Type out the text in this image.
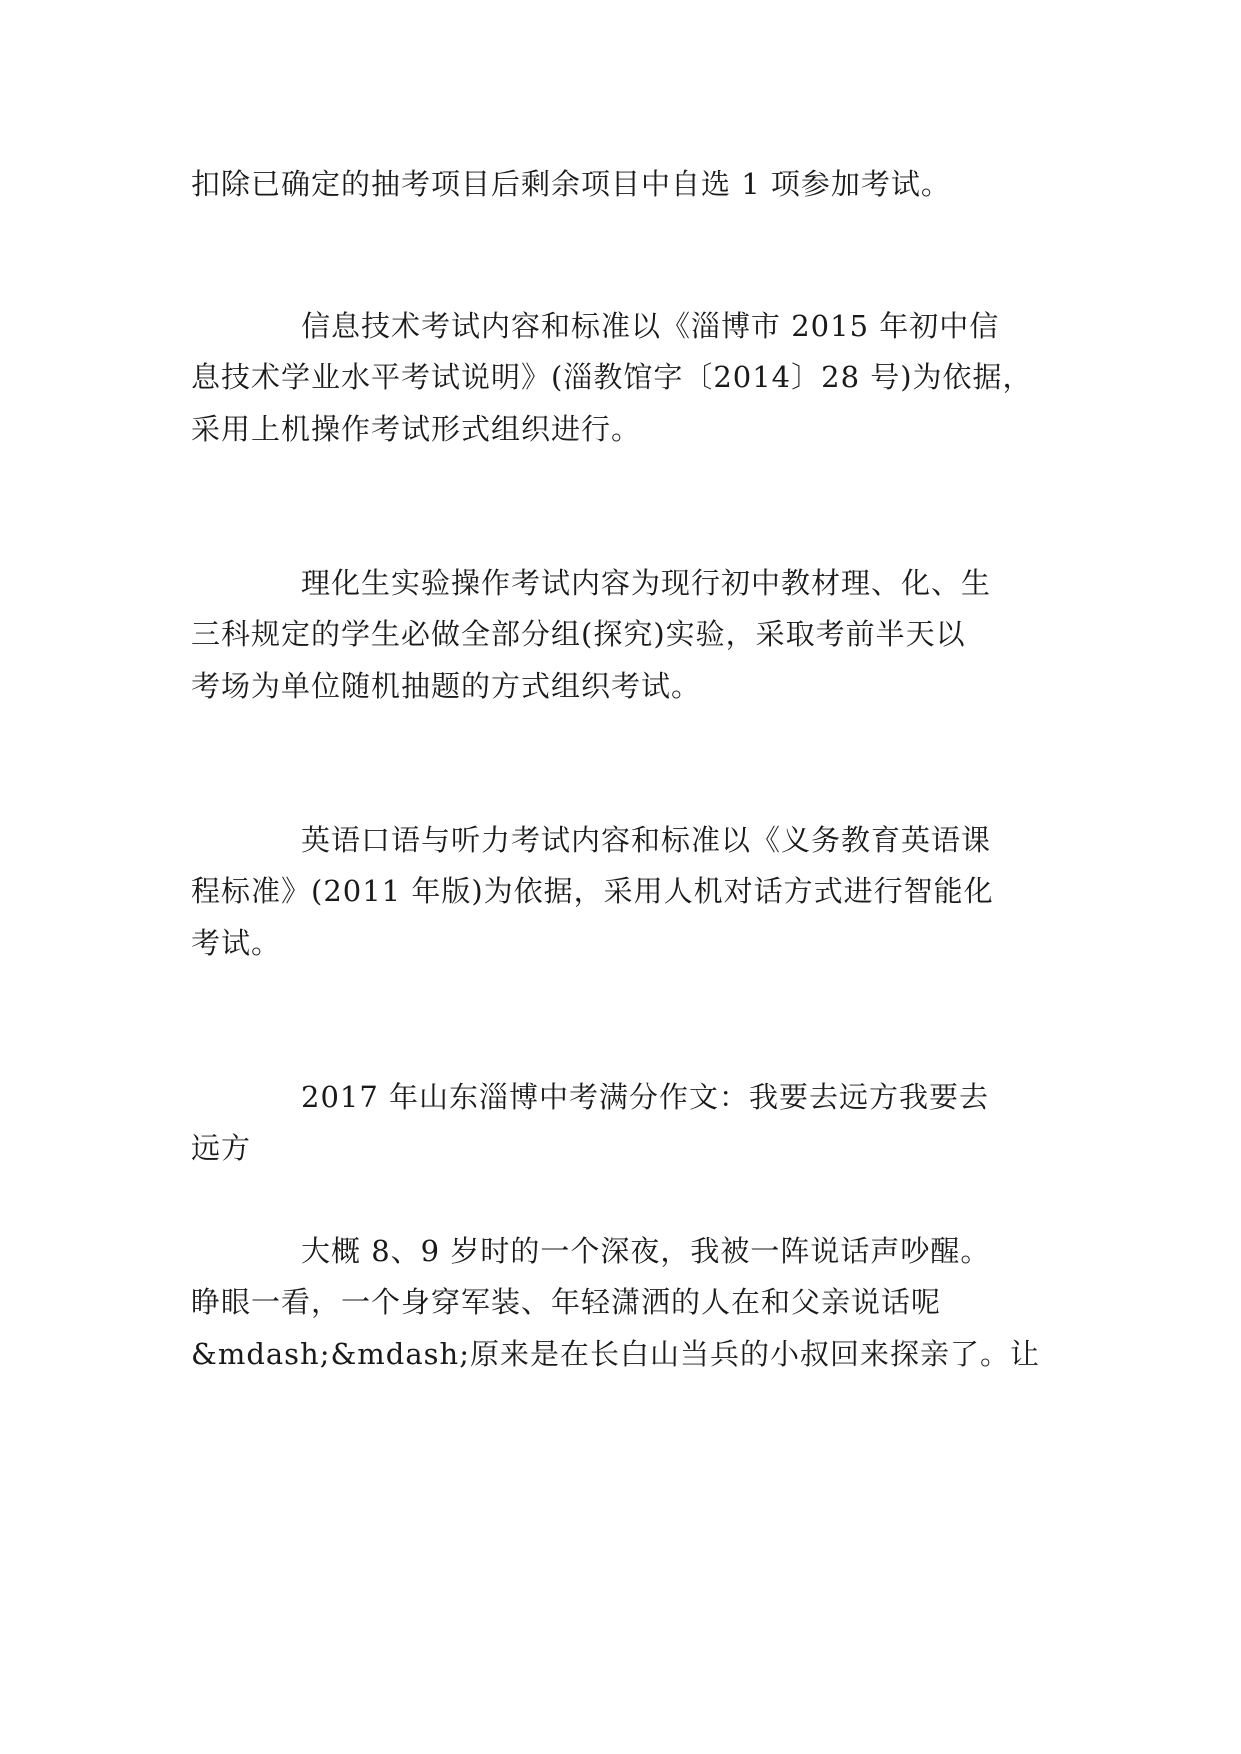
扣除已确定的抽考项目后剩余项目中自选 1 项参加考试。
信息技术考试内容和标准以《淄博市 2015 年初中信
息技术学业水平考试说明》(淄教馆字〔2014〕28 号)为依据，
采用上机操作考试形式组织进行。
理化生实验操作考试内容为现行初中教材理、化、生
三科规定的学生必做全部分组(探究)实验，采取考前半天以
考场为单位随机抽题的方式组织考试。
英语口语与听力考试内容和标准以《义务教育英语课
程标准》(2011 年版)为依据，采用人机对话方式进行智能化
考试。
2017 年山东淄博中考满分作文：我要去远方我要去
远方
大概 8、9 岁时的一个深夜，我被一阵说话声吵醒。
睁眼一看，一个身穿军装、年轻潇洒的人在和父亲说话呢
&mdash;&mdash;原来是在长白山当兵的小叔回来探亲了。让
